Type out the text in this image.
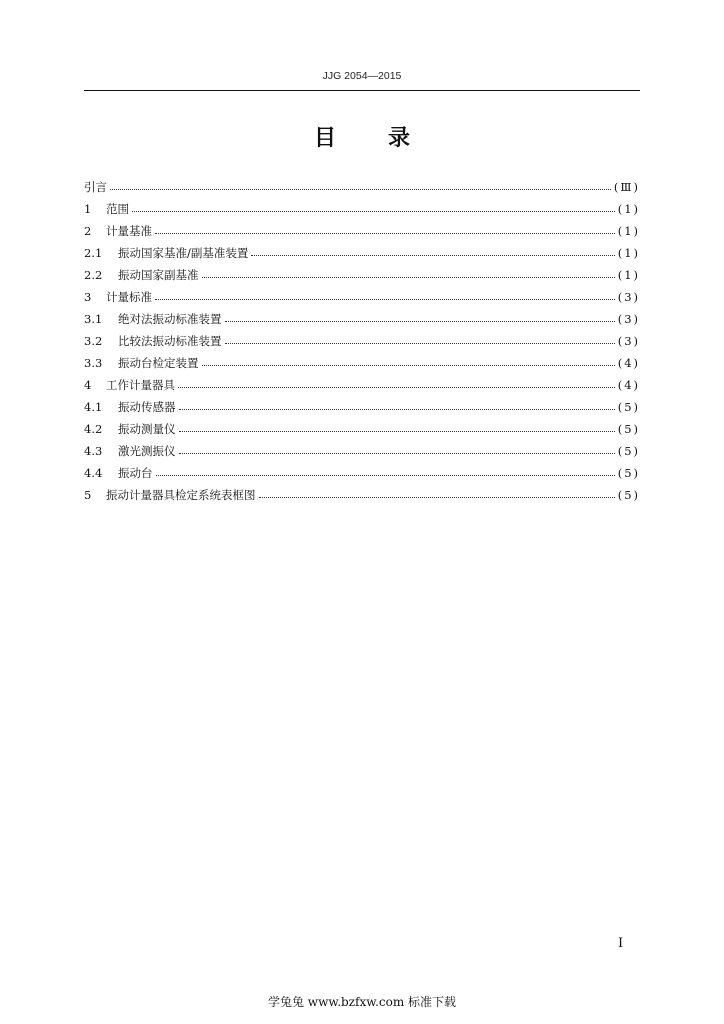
JJG 2054—2015
目 录
引言	(Ⅲ)
1	范围	(1)
2	计量基准	(1)
2.1	振动国家基准/副基准装置	(1)
2.2	振动国家副基准	(1)
3	计量标准	(3)
3.1	绝对法振动标准装置	(3)
3.2	比较法振动标准装置	(3)
3.3	振动台检定装置	(4)
4	工作计量器具	(4)
4.1	振动传感器	(5)
4.2	振动测量仪	(5)
4.3	激光测振仪	(5)
4.4	振动台	(5)
5	振动计量器具检定系统表框图	(5)
I
学兔兔 www.bzfxw.com 标准下载
